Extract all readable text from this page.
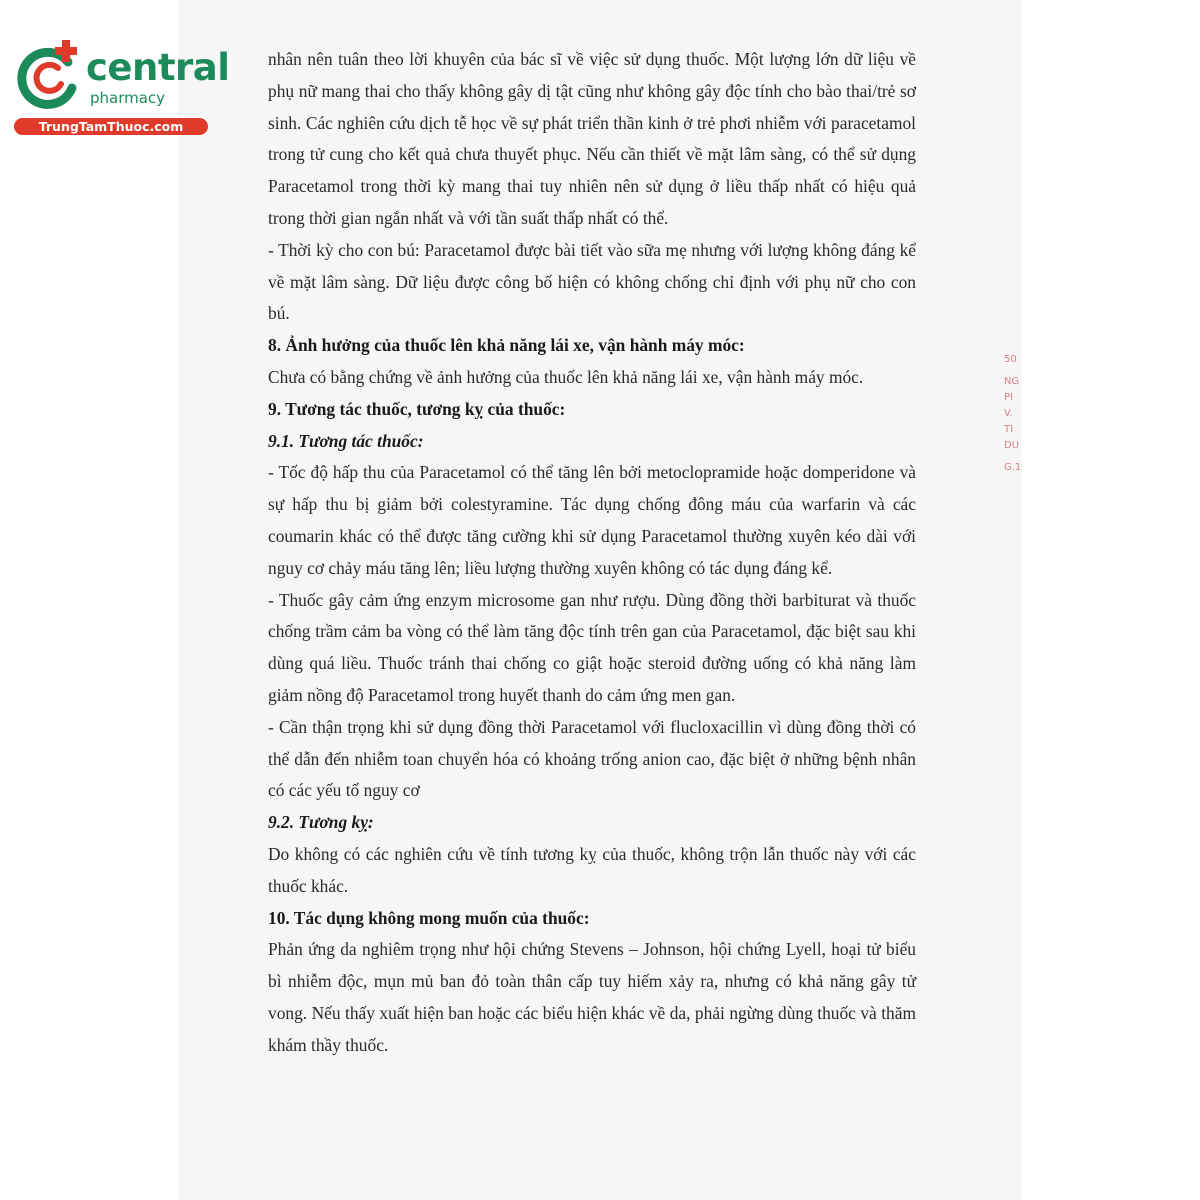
central
pharmacy
TrungTamThuoc.com
50
NG
PI
V.
TI
DU
G.1

nhân nên tuân theo lời khuyên của bác sĩ về việc sử dụng thuốc. Một lượng lớn dữ liệu về phụ nữ mang thai cho thấy không gây dị tật cũng như không gây độc tính cho bào thai/trẻ sơ sinh. Các nghiên cứu dịch tễ học về sự phát triển thần kinh ở trẻ phơi nhiễm với paracetamol trong tử cung cho kết quả chưa thuyết phục. Nếu cần thiết về mặt lâm sàng, có thể sử dụng Paracetamol trong thời kỳ mang thai tuy nhiên nên sử dụng ở liều thấp nhất có hiệu quả trong thời gian ngắn nhất và với tần suất thấp nhất có thể.

- Thời kỳ cho con bú: Paracetamol được bài tiết vào sữa mẹ nhưng với lượng không đáng kể về mặt lâm sàng. Dữ liệu được công bố hiện có không chống chỉ định với phụ nữ cho con bú.

8. Ảnh hưởng của thuốc lên khả năng lái xe, vận hành máy móc:

Chưa có bằng chứng về ảnh hưởng của thuốc lên khả năng lái xe, vận hành máy móc.

9. Tương tác thuốc, tương kỵ của thuốc:

9.1. Tương tác thuốc:

- Tốc độ hấp thu của Paracetamol có thể tăng lên bởi metoclopramide hoặc domperidone và sự hấp thu bị giảm bởi colestyramine. Tác dụng chống đông máu của warfarin và các coumarin khác có thể được tăng cường khi sử dụng Paracetamol thường xuyên kéo dài với nguy cơ chảy máu tăng lên; liều lượng thường xuyên không có tác dụng đáng kể.

- Thuốc gây cảm ứng enzym microsome gan như rượu. Dùng đồng thời barbiturat và thuốc chống trầm cảm ba vòng có thể làm tăng độc tính trên gan của Paracetamol, đặc biệt sau khi dùng quá liều. Thuốc tránh thai chống co giật hoặc steroid đường uống có khả năng làm giảm nồng độ Paracetamol trong huyết thanh do cảm ứng men gan.

- Cần thận trọng khi sử dụng đồng thời Paracetamol với flucloxacillin vì dùng đồng thời có thể dẫn đến nhiễm toan chuyển hóa có khoảng trống anion cao, đặc biệt ở những bệnh nhân có các yếu tố nguy cơ

9.2. Tương kỵ:

Do không có các nghiên cứu về tính tương kỵ của thuốc, không trộn lẫn thuốc này với các thuốc khác.

10. Tác dụng không mong muốn của thuốc:

Phản ứng da nghiêm trọng như hội chứng Stevens – Johnson, hội chứng Lyell, hoại tử biểu bì nhiễm độc, mụn mủ ban đỏ toàn thân cấp tuy hiếm xảy ra, nhưng có khả năng gây tử vong. Nếu thấy xuất hiện ban hoặc các biểu hiện khác về da, phải ngừng dùng thuốc và thăm khám thầy thuốc.
